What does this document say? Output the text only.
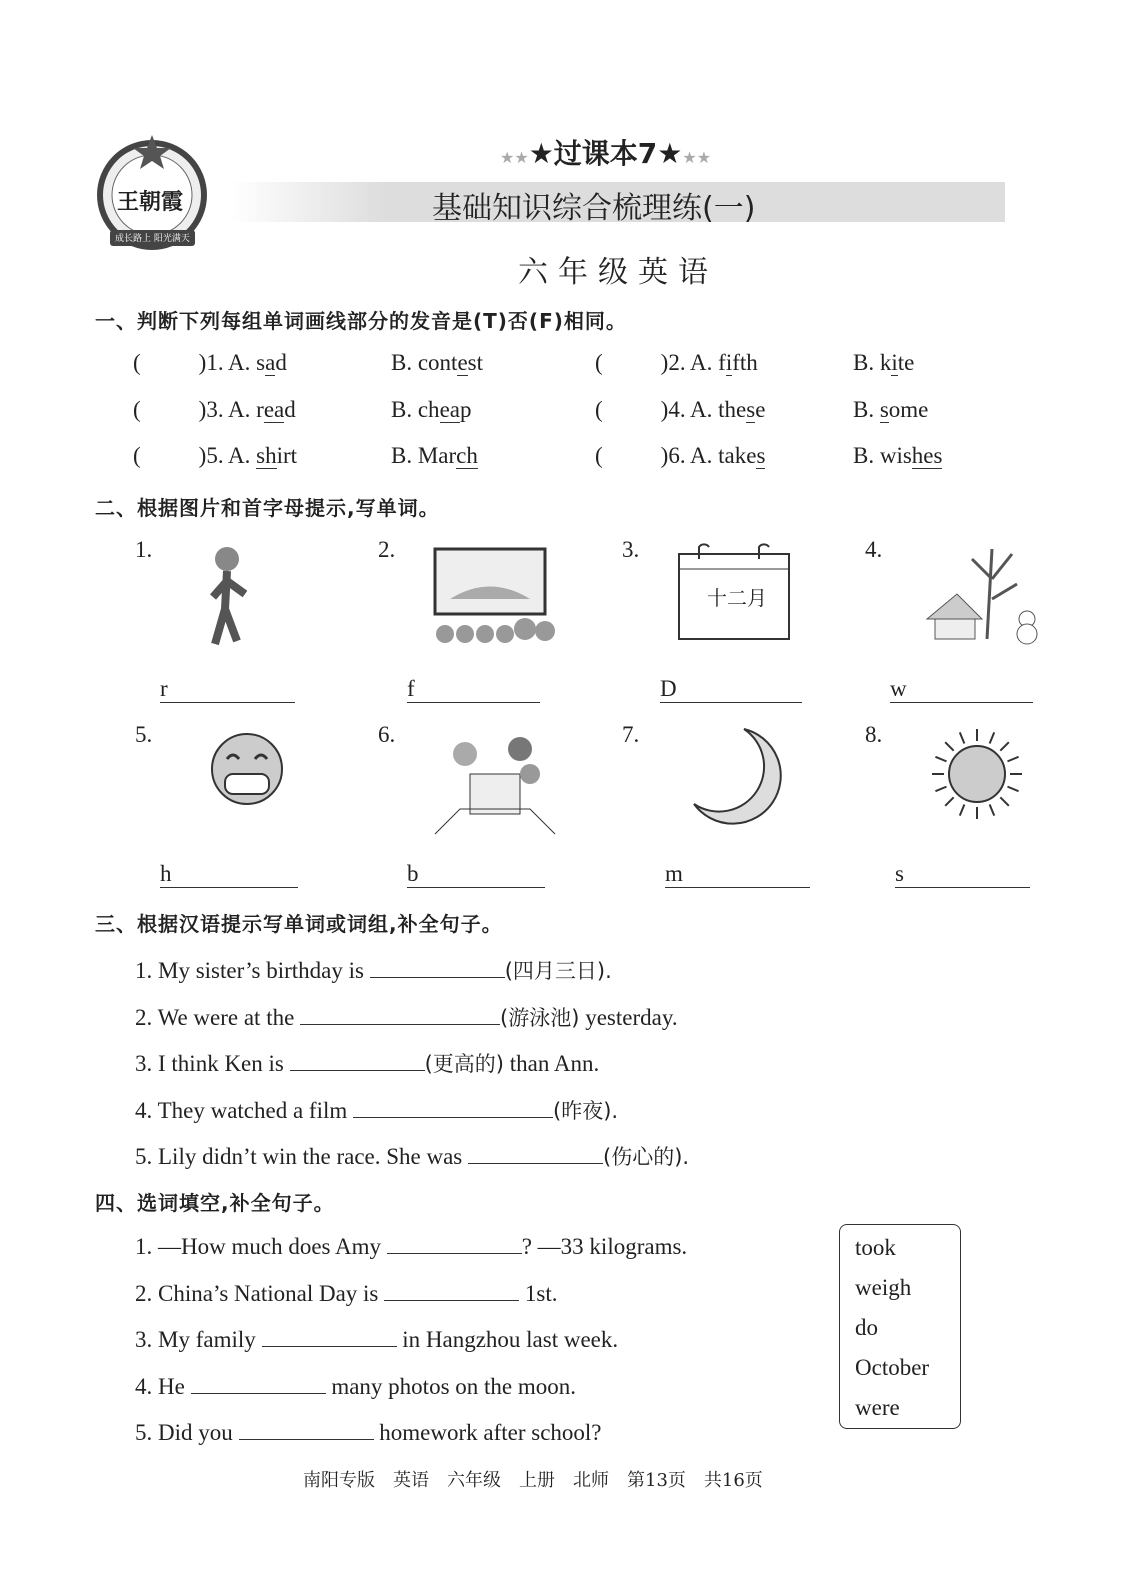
王朝霞
成长路上 阳光满天
★★★过课本7★★★
基础知识综合梳理练(一)
六年级英语
一、判断下列每组单词画线部分的发音是(T)否(F)相同。
二、根据图片和首字母提示,写单词。
三、根据汉语提示写单词或词组,补全句子。
四、选词填空,补全句子。
南阳专版　英语　六年级　上册　北师　第13页　共16页
(	)1. A. sad	B. contest	(	)2. A. fifth	B. kite
(	)3. A. read	B. cheap	(	)4. A. these	B. some
(	)5. A. shirt	B. March	(	)6. A. takes	B. wishes
1.
r
2.
f
3.
十二月
D
4.
w
5.
h
6.
b
7.
m
8.
s
1. My sister’s birthday is	(四月三日).
2. We were at the	(游泳池) yesterday.
3. I think Ken is	(更高的) than Ann.
4. They watched a film	(昨夜).
5. Lily didn’t win the race. She was	(伤心的).
1. —How much does Amy	? —33 kilograms.
2. China’s National Day is	1st.
3. My family	in Hangzhou last week.
4. He	many photos on the moon.
5. Did you	homework after school?
took
weigh
do
October
were
